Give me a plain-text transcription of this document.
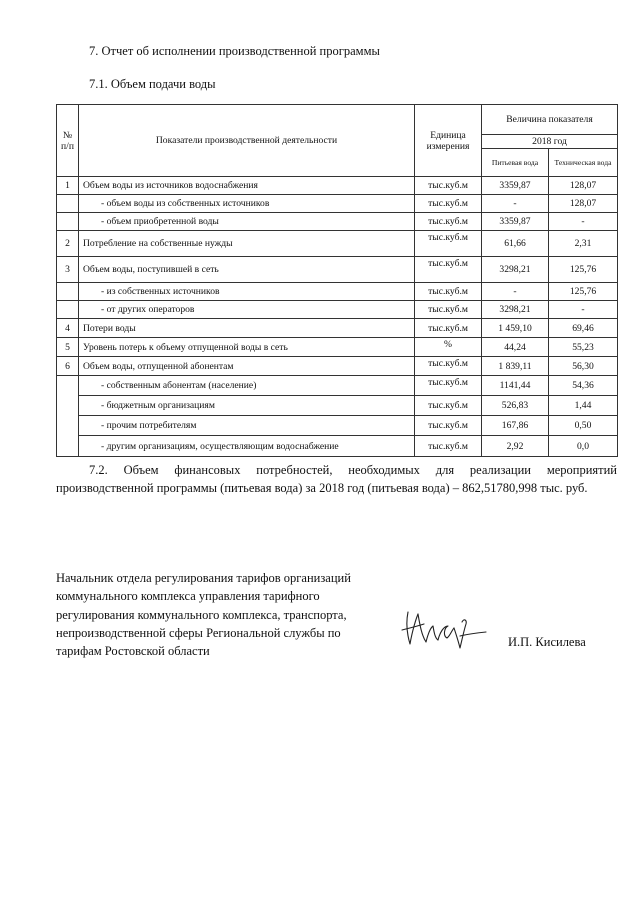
7. Отчет об исполнении производственной программы
7.1. Объем подачи воды
№ п/п	Показатели производственной деятельности	Единица измерения	Величина показателя	
			2018 год	
			Питьевая вода	Техническая вода
1	Объем воды из источников водоснабжения	тыс.куб.м	3359,87	128,07
	- объем воды из собственных источников	тыс.куб.м	-	128,07
	- объем приобретенной воды	тыс.куб.м	3359,87	-
2	Потребление на собственные нужды	тыс.куб.м	61,66	2,31
3	Объем воды, поступившей в сеть	тыс.куб.м	3298,21	125,76
	- из собственных источников	тыс.куб.м	-	125,76
	- от других операторов	тыс.куб.м	3298,21	-
4	Потери воды	тыс.куб.м	1 459,10	69,46
5	Уровень потерь к объему отпущенной воды в сеть	%	44,24	55,23
6	Объем воды, отпущенной абонентам	тыс.куб.м	1 839,11	56,30
	- собственным абонентам (население)	тыс.куб.м	1141,44	54,36
	- бюджетным организациям	тыс.куб.м	526,83	1,44
	- прочим потребителям	тыс.куб.м	167,86	0,50
	- другим организациям, осуществляющим водоснабжение	тыс.куб.м	2,92	0,0

7.2. Объем финансовых потребностей, необходимых для реализации мероприятий производственной программы (питьевая вода) за 2018 год (питьевая вода) – 862,51780,998 тыс. руб.

Начальник отдела регулирования тарифов организаций
коммунального комплекса управления тарифного
регулирования коммунального комплекса, транспорта,
непроизводственной сферы Региональной службы по
тарифам Ростовской области
И.П. Кисилева
